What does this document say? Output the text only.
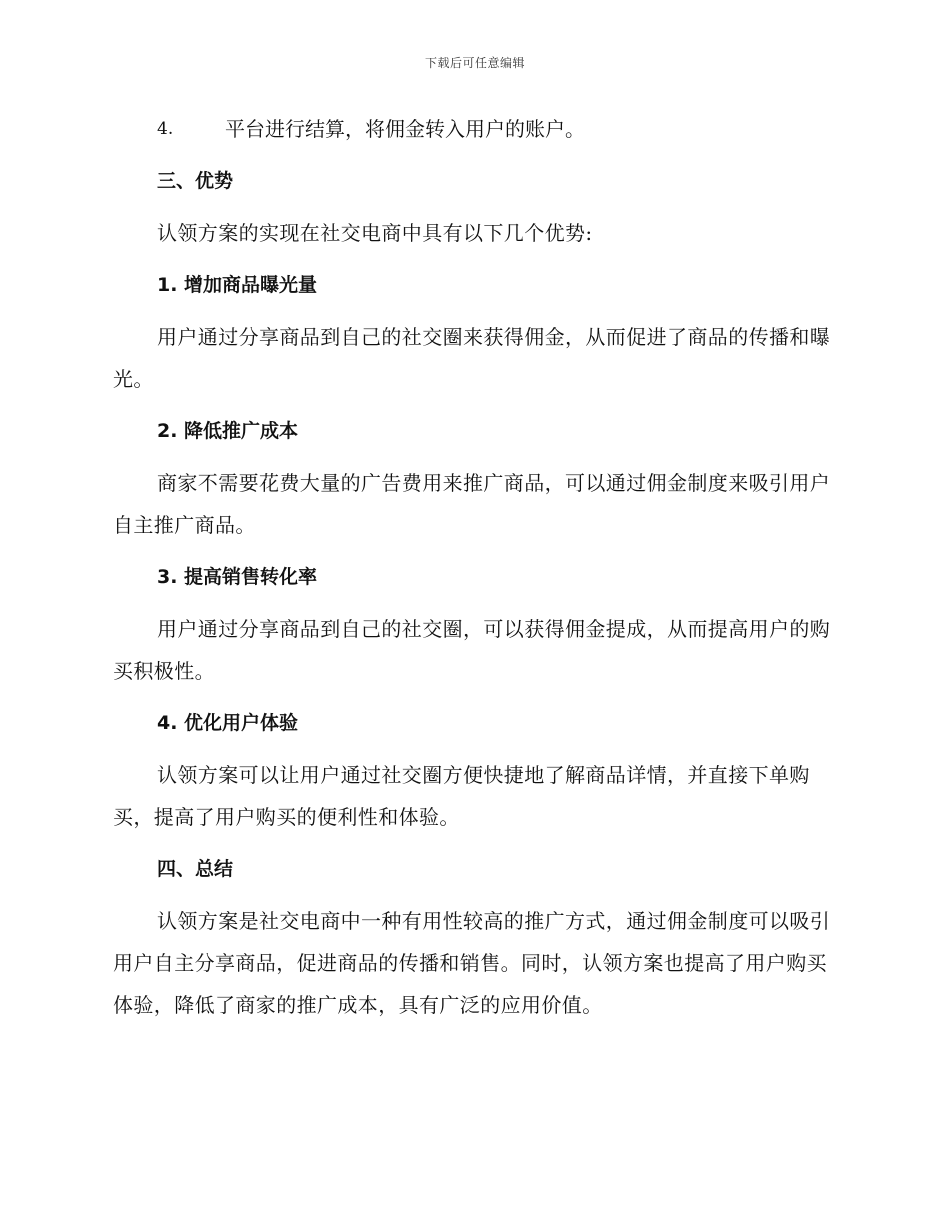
下载后可任意编辑
4.	平台进行结算，将佣金转入用户的账户。
三、优势
认领方案的实现在社交电商中具有以下几个优势:
1. 增加商品曝光量
用户通过分享商品到自己的社交圈来获得佣金，从而促进了商品的传播和曝光。
2. 降低推广成本
商家不需要花费大量的广告费用来推广商品，可以通过佣金制度来吸引用户自主推广商品。
3. 提高销售转化率
用户通过分享商品到自己的社交圈，可以获得佣金提成，从而提高用户的购买积极性。
4. 优化用户体验
认领方案可以让用户通过社交圈方便快捷地了解商品详情，并直接下单购买，提高了用户购买的便利性和体验。
四、总结
认领方案是社交电商中一种有用性较高的推广方式，通过佣金制度可以吸引用户自主分享商品，促进商品的传播和销售。同时，认领方案也提高了用户购买体验，降低了商家的推广成本，具有广泛的应用价值。
